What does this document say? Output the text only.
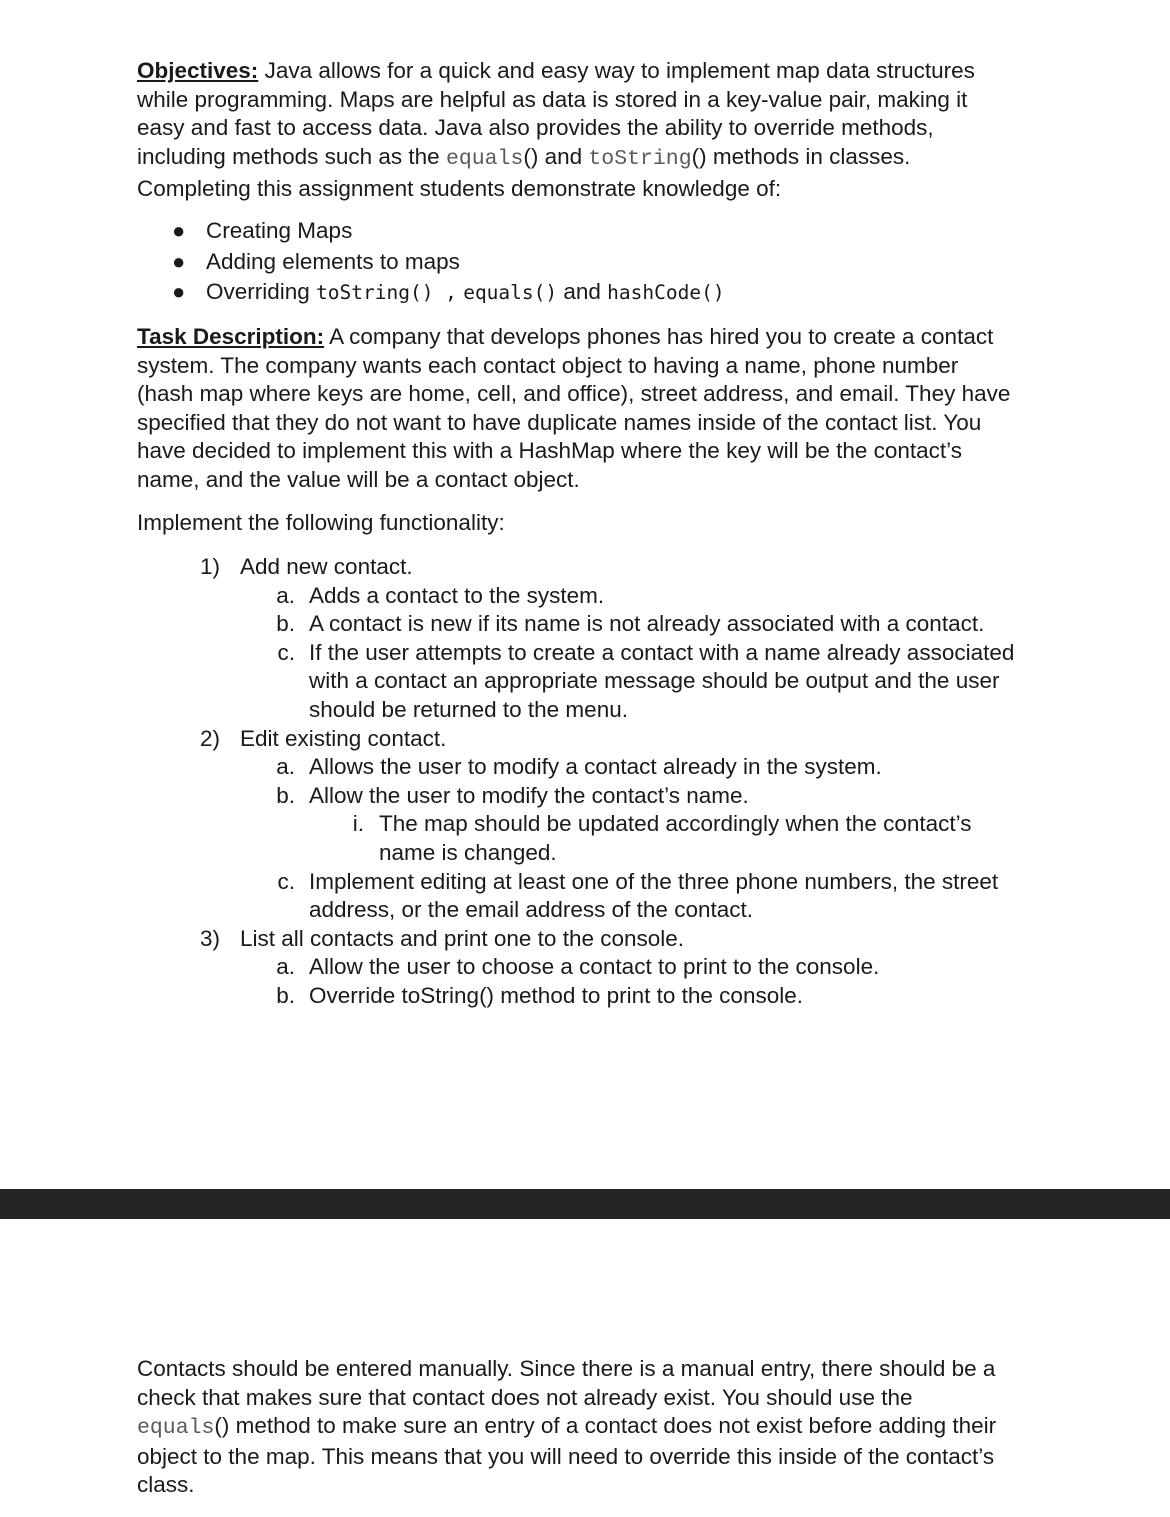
Objectives: Java allows for a quick and easy way to implement map data structures
while programming. Maps are helpful as data is stored in a key-value pair, making it
easy and fast to access data. Java also provides the ability to override methods,
including methods such as the equals() and toString() methods in classes.
Completing this assignment students demonstrate knowledge of:

● Creating Maps
● Adding elements to maps
● Overriding toString() , equals() and hashCode()

Task Description: A company that develops phones has hired you to create a contact
system. The company wants each contact object to having a name, phone number
(hash map where keys are home, cell, and office), street address, and email. They have
specified that they do not want to have duplicate names inside of the contact list. You
have decided to implement this with a HashMap where the key will be the contact’s
name, and the value will be a contact object.

Implement the following functionality:

1) Add new contact.
a. Adds a contact to the system.
b. A contact is new if its name is not already associated with a contact.
c. If the user attempts to create a contact with a name already associated
with a contact an appropriate message should be output and the user
should be returned to the menu.
2) Edit existing contact.
a. Allows the user to modify a contact already in the system.
b. Allow the user to modify the contact’s name.
i. The map should be updated accordingly when the contact’s
name is changed.
c. Implement editing at least one of the three phone numbers, the street
address, or the email address of the contact.
3) List all contacts and print one to the console.
a. Allow the user to choose a contact to print to the console.
b. Override toString() method to print to the console.

Contacts should be entered manually. Since there is a manual entry, there should be a
check that makes sure that contact does not already exist. You should use the
equals() method to make sure an entry of a contact does not exist before adding their
object to the map. This means that you will need to override this inside of the contact’s
class.
